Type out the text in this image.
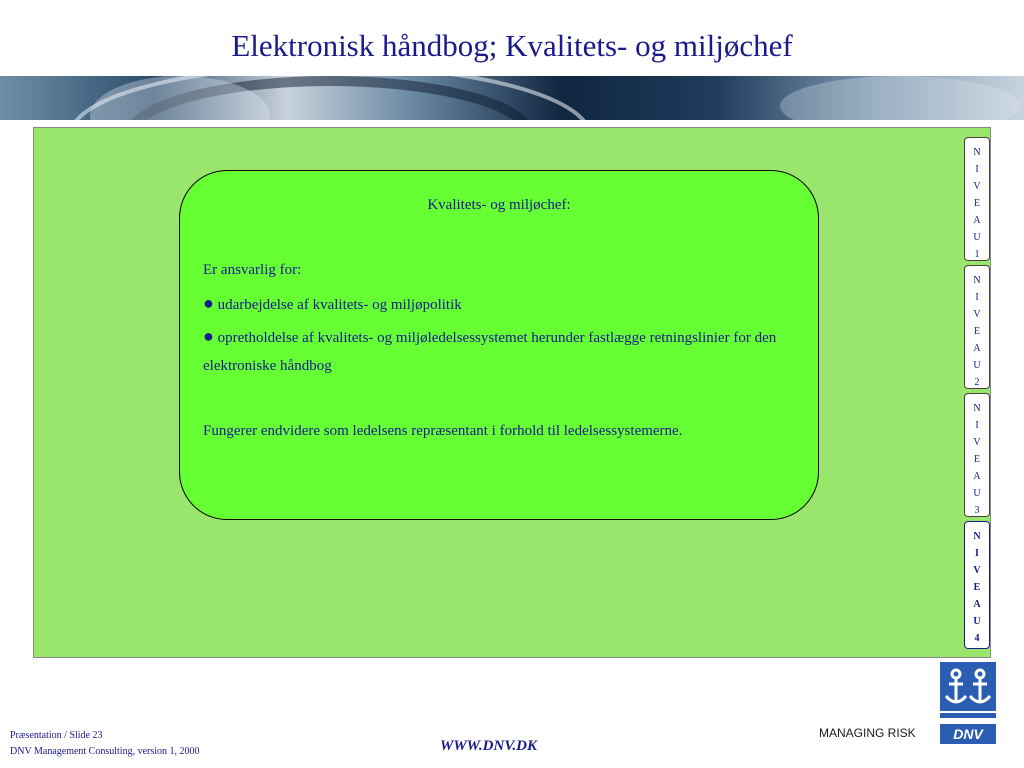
Elektronisk håndbog; Kvalitets- og miljøchef
Kvalitets- og miljøchef:
Er ansvarlig for:
● udarbejdelse af kvalitets- og miljøpolitik
● opretholdelse af kvalitets- og miljøledelsessystemet herunder fastlægge retningslinier for den elektroniske håndbog
Fungerer endvidere som ledelsens repræsentant i forhold til ledelsessystemerne.
N
I
V
E
A
U
1
N
I
V
E
A
U
2
N
I
V
E
A
U
3
N
I
V
E
A
U
4
DNV
MANAGING RISK
WWW.DNV.DK
Præsentation / Slide 23
DNV Management Consulting, version 1, 2000
